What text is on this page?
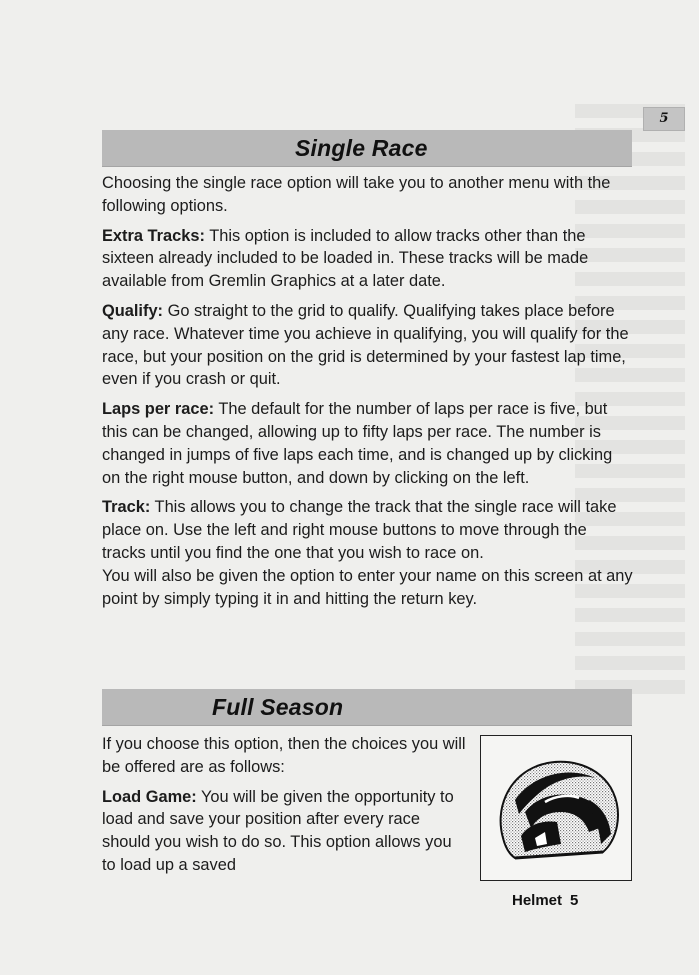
5
Single Race

Choosing the single race option will take you to another menu with the following options.

Extra Tracks: This option is included to allow tracks other than the sixteen already included to be loaded in. These tracks will be made available from Gremlin Graphics at a later date.

Qualify: Go straight to the grid to qualify. Qualifying takes place before any race. Whatever time you achieve in qualifying, you will qualify for the race, but your position on the grid is determined by your fastest lap time, even if you crash or quit.

Laps per race: The default for the number of laps per race is five, but this can be changed, allowing up to fifty laps per race. The number is changed in jumps of five laps each time, and is changed up by clicking on the right mouse button, and down by clicking on the left.

Track: This allows you to change the track that the single race will take place on. Use the left and right mouse buttons to move through the tracks until you find the one that you wish to race on.

You will also be given the option to enter your name on this screen at any point by simply typing it in and hitting the return key.

Full Season

If you choose this option, then the choices you will be offered are as follows:

Load Game: You will be given the opportunity to load and save your position after every race should you wish to do so. This option allows you to load up a saved

Helmet 5
